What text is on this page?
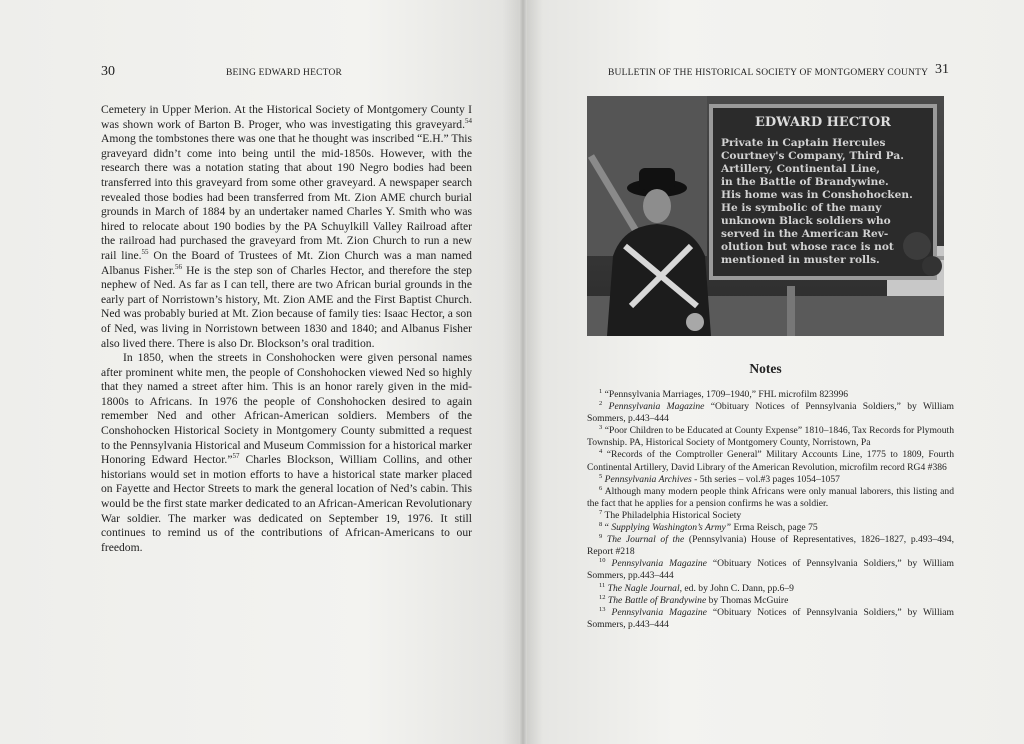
30	BEING EDWARD HECTOR

Cemetery in Upper Merion. At the Historical Society of Montgomery County I was shown work of Barton B. Proger, who was investigating this graveyard.$^{54}$ Among the tombstones there was one that he thought was inscribed “E.H.” This graveyard didn’t come into being until the mid-1850s. However, with the research there was a notation stating that about 190 Negro bodies had been transferred into this graveyard from some other graveyard. A newspaper search revealed those bodies had been transferred from Mt. Zion AME church burial grounds in March of 1884 by an undertaker named Charles Y. Smith who was hired to relocate about 190 bodies by the PA Schuylkill Valley Railroad after the railroad had purchased the graveyard from Mt. Zion Church to run a new rail line.$^{55}$ On the Board of Trustees of Mt. Zion Church was a man named Albanus Fisher.$^{56}$ He is the step son of Charles Hector, and therefore the step nephew of Ned. As far as I can tell, there are two African burial grounds in the early part of Norristown’s history, Mt. Zion AME and the First Baptist Church. Ned was probably buried at Mt. Zion because of family ties: Isaac Hector, a son of Ned, was living in Norristown between 1830 and 1840; and Albanus Fisher also lived there. There is also Dr. Blockson’s oral tradition.

In 1850, when the streets in Conshohocken were given personal names after prominent white men, the people of Conshohocken viewed Ned so highly that they named a street after him. This is an honor rarely given in the mid-1800s to Africans. In 1976 the people of Conshohocken desired to again remember Ned and other African-American soldiers. Members of the Conshohocken Historical Society in Montgomery County submitted a request to the Pennsylvania Historical and Museum Commission for a historical marker Honoring Edward Hector.”$^{57}$ Charles Blockson, William Collins, and other historians would set in motion efforts to have a historical state marker placed on Fayette and Hector Streets to mark the general location of Ned’s cabin. This would be the first state marker dedicated to an African-American Revolutionary War soldier. The marker was dedicated on September 19, 1976. It still continues to remind us of the contributions of African-Americans to our freedom.

BULLETIN OF THE HISTORICAL SOCIETY OF MONTGOMERY COUNTY 31
EDWARD HECTOR
Private in Captain Hercules
Courtney's Company, Third Pa.
Artillery, Continental Line,
in the Battle of Brandywine.
His home was in Conshohocken.
He is symbolic of the many
unknown Black soldiers who
served in the American Rev-
olution but whose race is not
mentioned in muster rolls.
Notes

$^1$ “Pennsylvania Marriages, 1709–1940,” FHL microfilm 823996

$^2$ Pennsylvania Magazine “Obituary Notices of Pennsylvania Soldiers,” by William Sommers, p.443–444

$^3$ “Poor Children to be Educated at County Expense” 1810–1846, Tax Records for Plymouth Township. PA, Historical Society of Montgomery County, Norristown, Pa

$^4$ “Records of the Comptroller General” Military Accounts Line, 1775 to 1809, Fourth Continental Artillery, David Library of the American Revolution, microfilm record RG4 #386

$^5$ Pennsylvania Archives - 5th series – vol.#3 pages 1054–1057

$^6$ Although many modern people think Africans were only manual laborers, this listing and the fact that he applies for a pension confirms he was a soldier.

$^7$ The Philadelphia Historical Society

$^8$ “ Supplying Washington’s Army” Erma Reisch, page 75

$^9$ The Journal of the (Pennsylvania) House of Representatives, 1826–1827, p.493–494, Report #218

$^{10}$ Pennsylvania Magazine “Obituary Notices of Pennsylvania Soldiers,” by William Sommers, pp.443–444

$^{11}$ The Nagle Journal, ed. by John C. Dann, pp.6–9

$^{12}$ The Battle of Brandywine by Thomas McGuire

$^{13}$ Pennsylvania Magazine “Obituary Notices of Pennsylvania Soldiers,” by William Sommers, p.443–444
